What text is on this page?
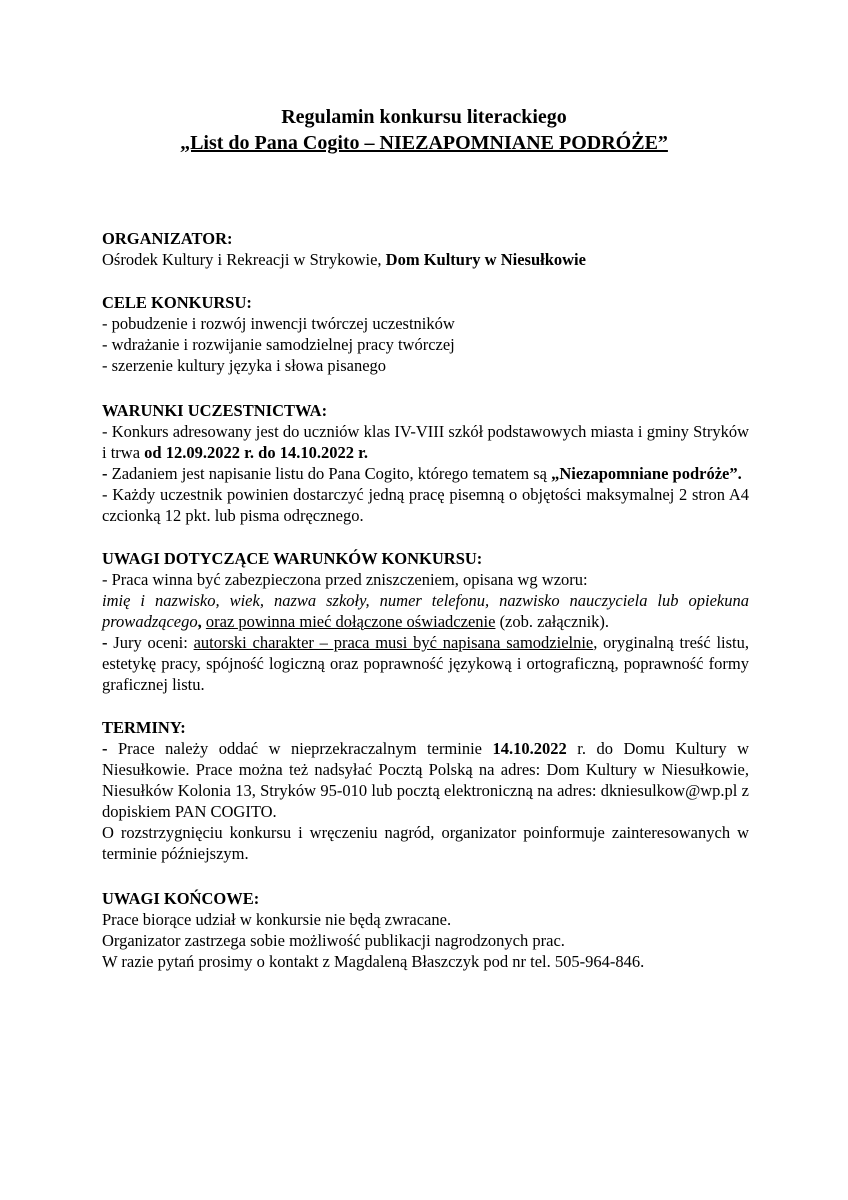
Regulamin konkursu literackiego
„List do Pana Cogito – NIEZAPOMNIANE PODRÓŻE”

ORGANIZATOR:

Ośrodek Kultury i Rekreacji w Strykowie, Dom Kultury w Niesułkowie

CELE KONKURSU:

- pobudzenie i rozwój inwencji twórczej uczestników

- wdrażanie i rozwijanie samodzielnej pracy twórczej

- szerzenie kultury języka i słowa pisanego

WARUNKI UCZESTNICTWA:

- Konkurs adresowany jest do uczniów klas IV-VIII szkół podstawowych miasta i gminy Stryków i trwa od 12.09.2022 r. do 14.10.2022 r.

- Zadaniem jest napisanie listu do Pana Cogito, którego tematem są „Niezapomniane podróże”.

- Każdy uczestnik powinien dostarczyć jedną pracę pisemną o objętości maksymalnej 2 stron A4 czcionką 12 pkt. lub pisma odręcznego.

UWAGI DOTYCZĄCE WARUNKÓW KONKURSU:

- Praca winna być zabezpieczona przed zniszczeniem, opisana wg wzoru:

imię i nazwisko, wiek, nazwa szkoły, numer telefonu, nazwisko nauczyciela lub opiekuna prowadzącego, oraz powinna mieć dołączone oświadczenie (zob. załącznik).

- Jury oceni: autorski charakter – praca musi być napisana samodzielnie, oryginalną treść listu, estetykę pracy, spójność logiczną oraz poprawność językową i ortograficzną, poprawność formy graficznej listu.

TERMINY:

- Prace należy oddać w nieprzekraczalnym terminie 14.10.2022 r. do Domu Kultury w Niesułkowie. Prace można też nadsyłać Pocztą Polską na adres: Dom Kultury w Niesułkowie, Niesułków Kolonia 13, Stryków 95-010 lub pocztą elektroniczną na adres: dkniesulkow@wp.pl z dopiskiem PAN COGITO.

O rozstrzygnięciu konkursu i wręczeniu nagród, organizator poinformuje zainteresowanych w terminie późniejszym.

UWAGI KOŃCOWE:

Prace biorące udział w konkursie nie będą zwracane.

Organizator zastrzega sobie możliwość publikacji nagrodzonych prac.

W razie pytań prosimy o kontakt z Magdaleną Błaszczyk pod nr tel. 505-964-846.
